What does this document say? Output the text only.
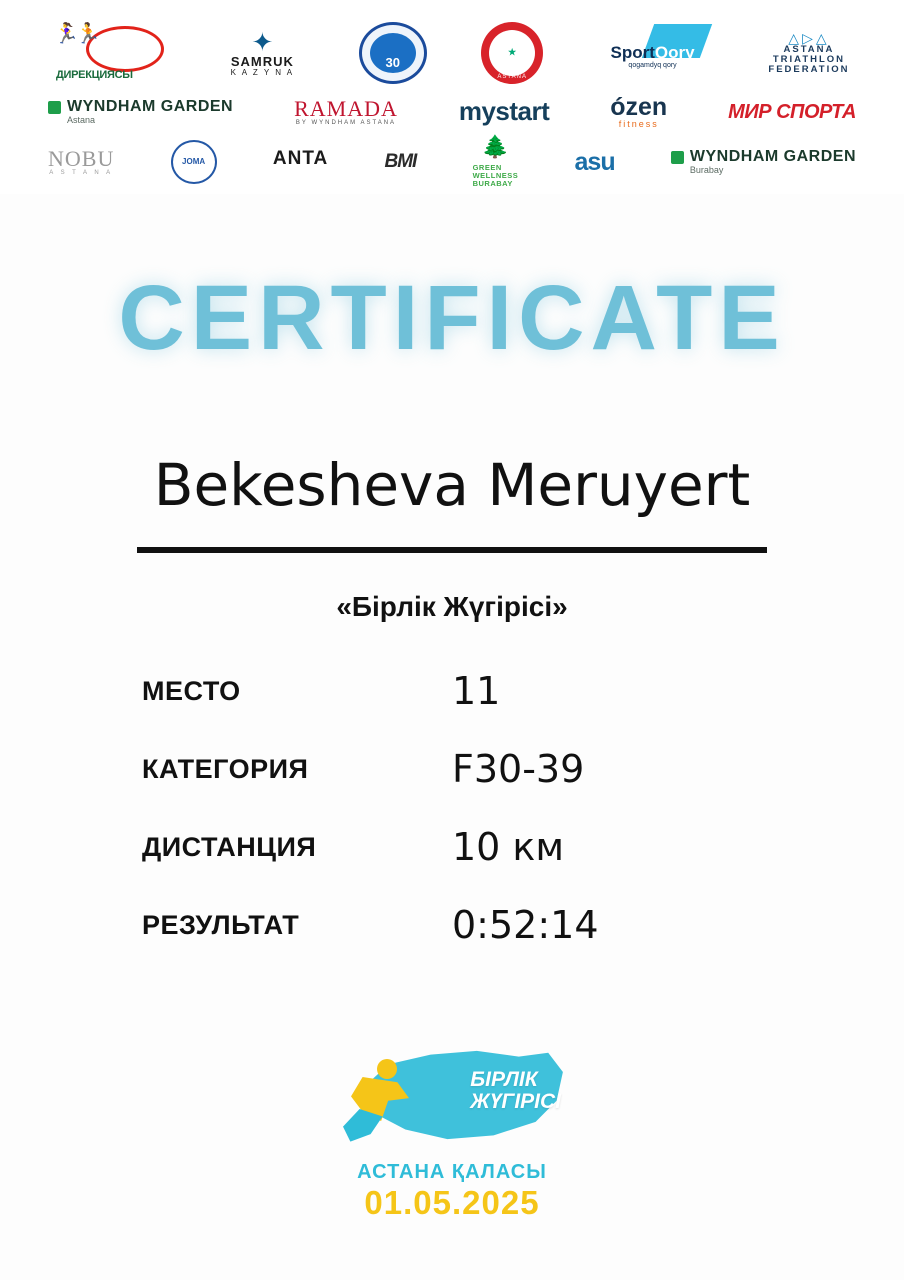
🏃‍♀️🏃
ДИРЕКЦИЯСЫ
✦
SAMRUK
K A Z Y N A
30
★
ASTANA
SportQory
qogamdyq qory
△▷△
ASTANA
TRIATHLON
FEDERATION
WYNDHAM GARDEN
Astana	RAMADA
BY WYNDHAM ASTANA mystart ózen
fitness
МИР СПОРТА
NOBU
A S T A N A
JOMA	ANTA	BMI
🌲
GREEN
WELLNESS
BURABAY
asu	WYNDHAM GARDEN
Burabay
CERTIFICATE
Bekesheva Meruyert
«Бірлік Жүгірісі»
МЕСТО	11
КАТЕГОРИЯ	F30-39
ДИСТАНЦИЯ	10 км
РЕЗУЛЬТАТ	0:52:14
БІРЛІК
ЖҮГІРІСІ
АСТАНА ҚАЛАСЫ
01.05.2025
